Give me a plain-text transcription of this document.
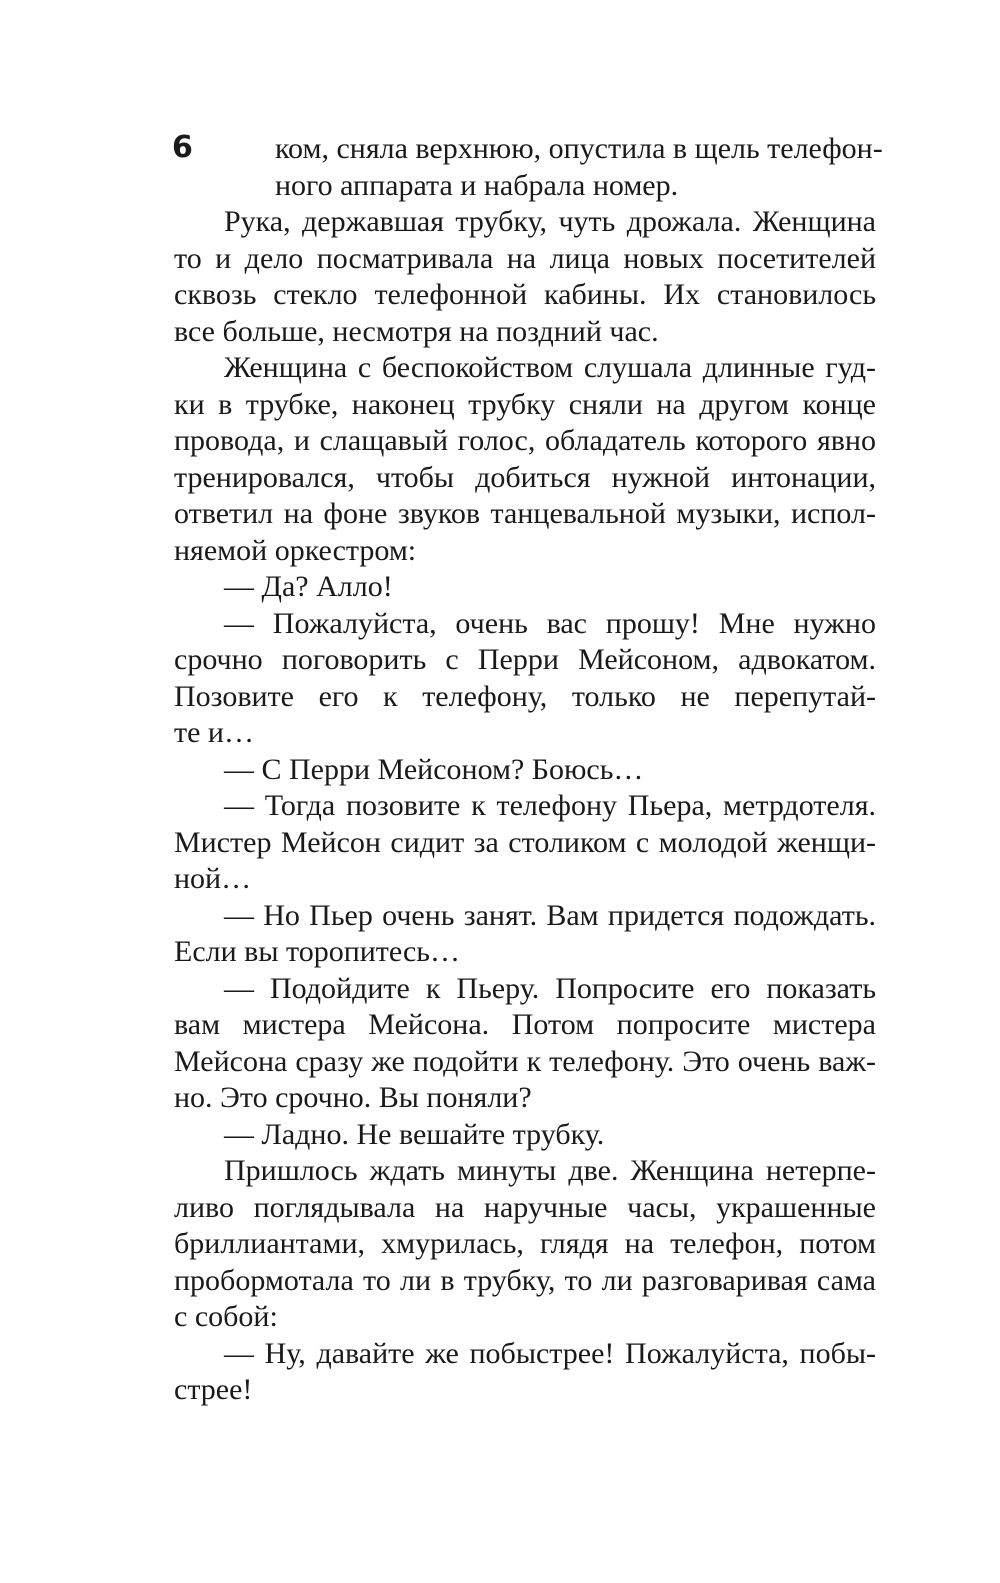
6	ком, сняла верхнюю, опустила в щель телефон-
ного аппарата и набрала номер.
Рука, державшая трубку, чуть дрожала. Женщина
то и дело посматривала на лица новых посетителей
сквозь стекло телефонной кабины. Их становилось
все больше, несмотря на поздний час.
Женщина с беспокойством слушала длинные гуд-
ки в трубке, наконец трубку сняли на другом конце
провода, и слащавый голос, обладатель которого явно
тренировался, чтобы добиться нужной интонации,
ответил на фоне звуков танцевальной музыки, испол-
няемой оркестром:
— Да? Алло!
— Пожалуйста, очень вас прошу! Мне нужно
срочно поговорить с Перри Мейсоном, адвокатом.
Позовите его к телефону, только не перепутай-
те и…
— С Перри Мейсоном? Боюсь…
— Тогда позовите к телефону Пьера, метрдотеля.
Мистер Мейсон сидит за столиком с молодой женщи-
ной…
— Но Пьер очень занят. Вам придется подождать.
Если вы торопитесь…
— Подойдите к Пьеру. Попросите его показать
вам мистера Мейсона. Потом попросите мистера
Мейсона сразу же подойти к телефону. Это очень важ-
но. Это срочно. Вы поняли?
— Ладно. Не вешайте трубку.
Пришлось ждать минуты две. Женщина нетерпе-
ливо поглядывала на наручные часы, украшенные
бриллиантами, хмурилась, глядя на телефон, потом
пробормотала то ли в трубку, то ли разговаривая сама
с собой:
— Ну, давайте же побыстрее! Пожалуйста, побы-
стрее!
